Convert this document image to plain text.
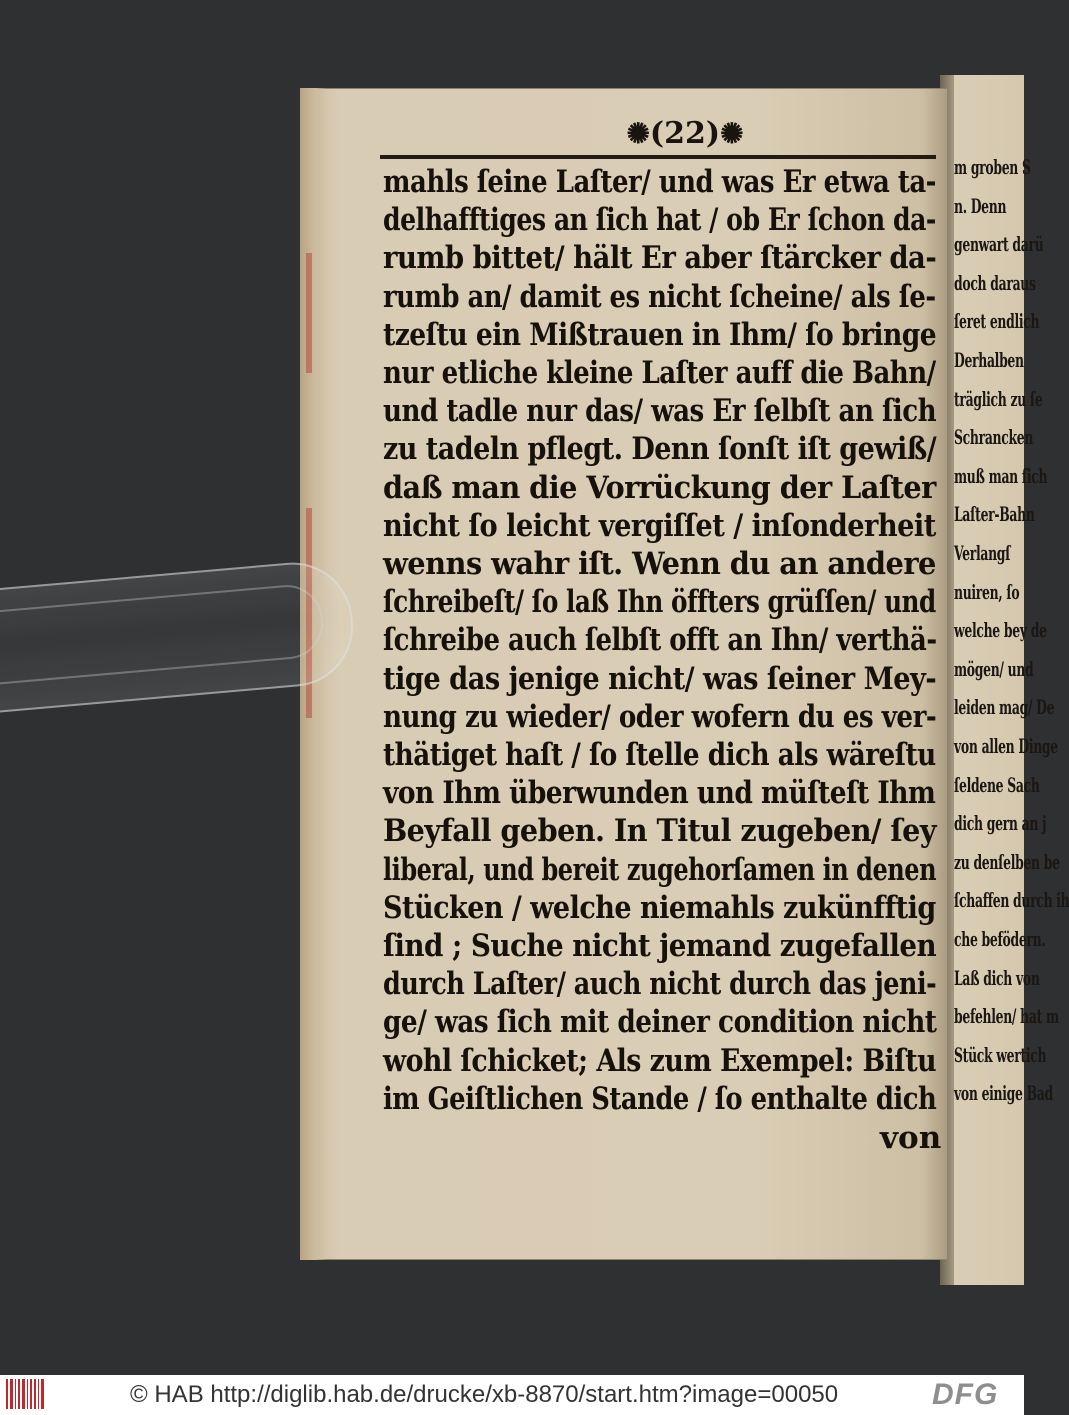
m groben S
n. Denn
genwart darü
doch daraus
ſeret endlich
Derhalben
träglich zu ſe
Schrancken
muß man ſich
Laſter-Bahn
Verlangſ
nuiren, ſo
welche bey de
mögen/ und
leiden mag/ De
von allen Dinge
ſeldene Sach
dich gern an j
zu denſelben be
ſchaffen durch ih
che befödern.
Laß dich von
befehlen/ hat m
Stück wertich
von einige Bad
✺(22)✺
mahls ſeine Laſter/ und was Er etwa ta-
delhafftiges an ſich hat / ob Er ſchon da-
rumb bittet/ hält Er aber ſtärcker da-
rumb an/ damit es nicht ſcheine/ als ſe-
tzeſtu ein Mißtrauen in Ihm/ ſo bringe
nur etliche kleine Laſter auff die Bahn/
und tadle nur das/ was Er ſelbſt an ſich
zu tadeln pflegt. Denn ſonſt iſt gewiß/
daß man die Vorrückung der Laſter
nicht ſo leicht vergiſſet / inſonderheit
wenns wahr iſt. Wenn du an andere
ſchreibeſt/ ſo laß Ihn öffters grüſſen/ und
ſchreibe auch ſelbſt offt an Ihn/ verthä-
tige das jenige nicht/ was ſeiner Mey-
nung zu wieder/ oder wofern du es ver-
thätiget haſt / ſo ſtelle dich als wäreſtu
von Ihm überwunden und müſteſt Ihm
Beyfall geben. In Titul zugeben/ ſey
liberal, und bereit zugehorſamen in denen
Stücken / welche niemahls zukünfftig
ſind ; Suche nicht jemand zugefallen
durch Laſter/ auch nicht durch das jeni-
ge/ was ſich mit deiner condition nicht
wohl ſchicket; Als zum Exempel: Biſtu
im Geiſtlichen Stande / ſo enthalte dich
von
© HAB http://diglib.hab.de/drucke/xb-8870/start.htm?image=00050	DFG
